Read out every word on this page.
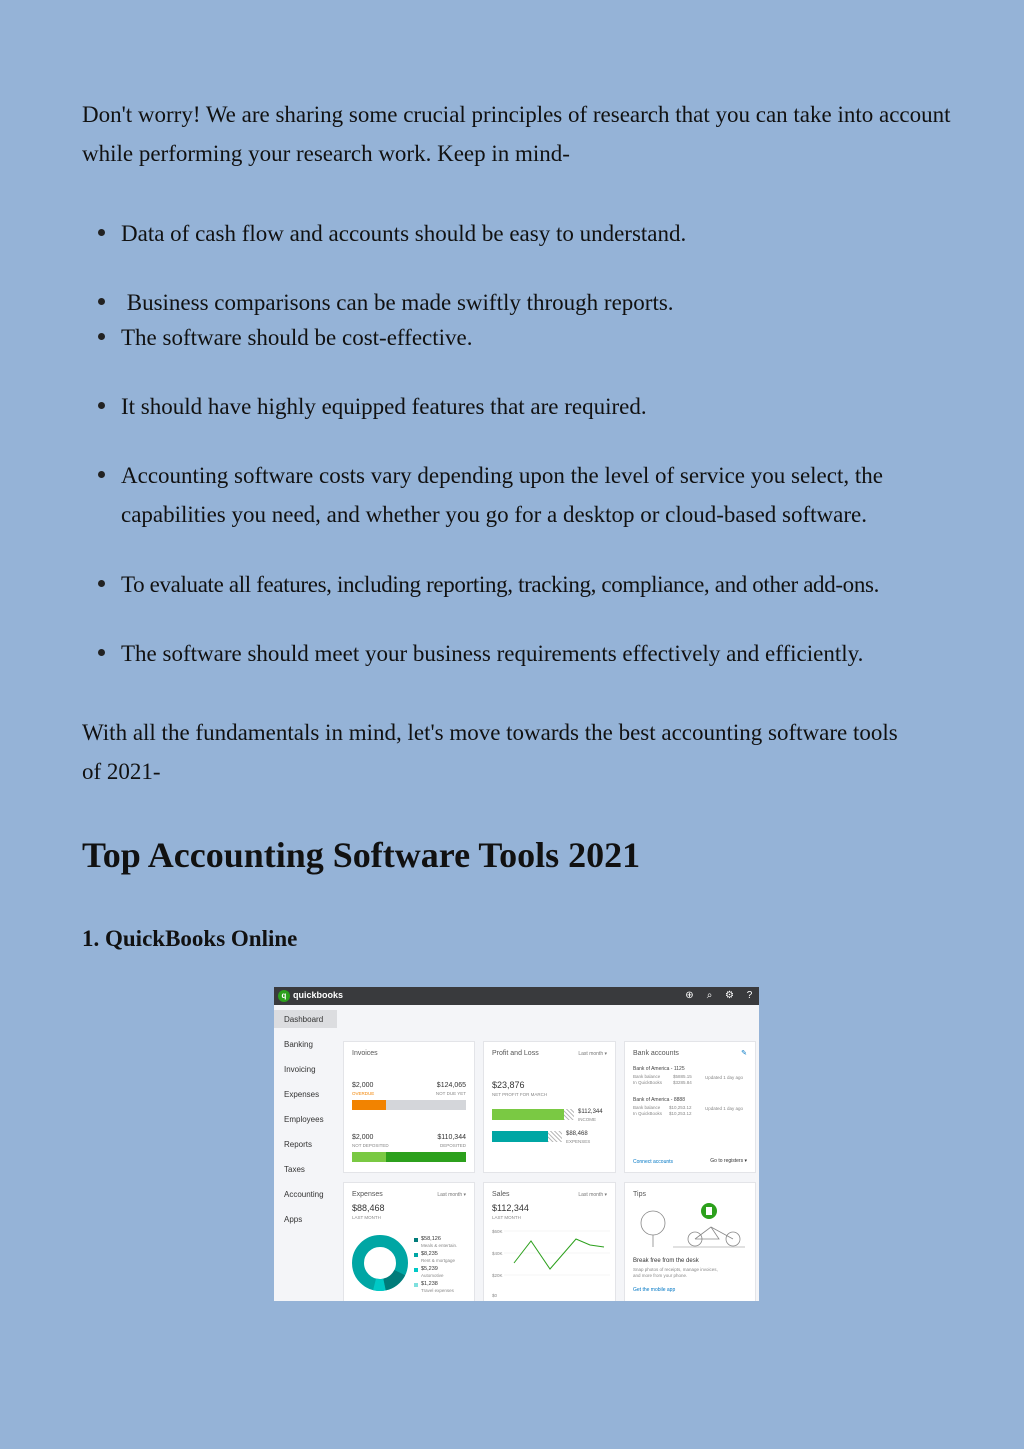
Don't worry! We are sharing some crucial principles of research that you can take into account while performing your research work. Keep in mind-

Data of cash flow and accounts should be easy to understand.
Business comparisons can be made swiftly through reports.
The software should be cost-effective.
It should have highly equipped features that are required.
Accounting software costs vary depending upon the level of service you select, the capabilities you need, and whether you go for a desktop or cloud-based software.
To evaluate all features, including reporting, tracking, compliance, and other add-ons.
The software should meet your business requirements effectively and efficiently.

With all the fundamentals in mind, let's move towards the best accounting software tools of 2021-

Top Accounting Software Tools 2021
1. QuickBooks Online
q quickbooks	⊕ ⌕ ⚙ ?
Dashboard
Banking
Invoicing
Expenses
Employees
Reports
Taxes
Accounting
Apps
Invoices
$2,000	$124,065
OVERDUE	NOT DUE YET
$2,000	$110,344
NOT DEPOSITED	DEPOSITED
Profit and Loss	Last month ▾
$23,876
NET PROFIT FOR MARCH
$112,344
INCOME
$88,468
EXPENSES
Bank accounts	✎
Bank of America - 1125
Bank balance	$5885.15	Updated 1 day ago
In QuickBooks $3285.84
Bank of America - 8888
Bank balance $10,253.12	Updated 1 day ago
In QuickBooks $10,253.12
Connect accounts	Go to registers ▾
Expenses	Last month ▾
$88,468
LAST MONTH
$58,126
Meals & entertain.
$8,235
Rent & mortgage
$5,239
Automotive
$1,238
Travel expenses
Sales	Last month ▾
$112,344
LAST MONTH
$60K
$40K
$20K
$0
Tips
Break free from the desk
Snap photos of receipts, manage invoices,
and more from your phone.
Get the mobile app
